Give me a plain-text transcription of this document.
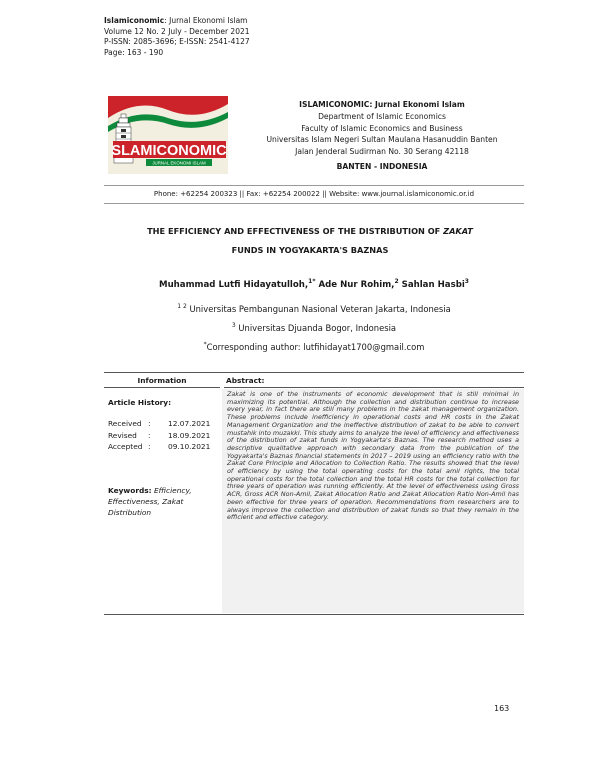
Islamiconomic: Jurnal Ekonomi Islam
Volume 12 No. 2 July - December 2021
P-ISSN: 2085-3696; E-ISSN: 2541-4127
Page: 163 - 190
SLAMICONOMIC
JURNAL EKONOMI ISLAM
ISLAMICONOMIC: Jurnal Ekonomi Islam
Department of Islamic Economics
Faculty of Islamic Economics and Business
Universitas Islam Negeri Sultan Maulana Hasanuddin Banten
Jalan Jenderal Sudirman No. 30 Serang 42118
BANTEN - INDONESIA
Phone: +62254 200323 || Fax: +62254 200022 || Website: www.journal.islamiconomic.or.id
THE EFFICIENCY AND EFFECTIVENESS OF THE DISTRIBUTION OF ZAKAT
FUNDS IN YOGYAKARTA'S BAZNAS
Muhammad Lutfi Hidayatulloh,$^{1*}$ Ade Nur Rohim,$^2$ Sahlan Hasbi$^3$
$^{1 2}$ Universitas Pembangunan Nasional Veteran Jakarta, Indonesia
$^3$ Universitas Djuanda Bogor, Indonesia
*Corresponding author: lutfihidayat1700@gmail.com
Information	Abstract:
Article History:
Received	:	12.07.2021
Revised	:	18.09.2021
Accepted	:	09.10.2021
Keywords: Efficiency, Effectiveness, Zakat Distribution
Zakat is one of the instruments of economic development that is still minimal in maximizing its potential. Although the collection and distribution continue to increase every year, in fact there are still many problems in the zakat management organization. These problems include inefficiency in operational costs and HR costs in the Zakat Management Organization and the ineffective distribution of zakat to be able to convert mustahik into muzakki. This study aims to analyze the level of efficiency and effectiveness of the distribution of zakat funds in Yogyakarta's Baznas. The research method uses a descriptive qualitative approach with secondary data from the publication of the Yogyakarta's Baznas financial statements in 2017 – 2019 using an efficiency ratio with the Zakat Core Principle and Allocation to Collection Ratio. The results showed that the level of efficiency by using the total operating costs for the total amil rights, the total operational costs for the total collection and the total HR costs for the total collection for three years of operation was running efficiently. At the level of effectiveness using Gross ACR, Gross ACR Non-Amil, Zakat Allocation Ratio and Zakat Allocation Ratio Non-Amil has been effective for three years of operation. Recommendations from researchers are to always improve the collection and distribution of zakat funds so that they remain in the efficient and effective category.
163
